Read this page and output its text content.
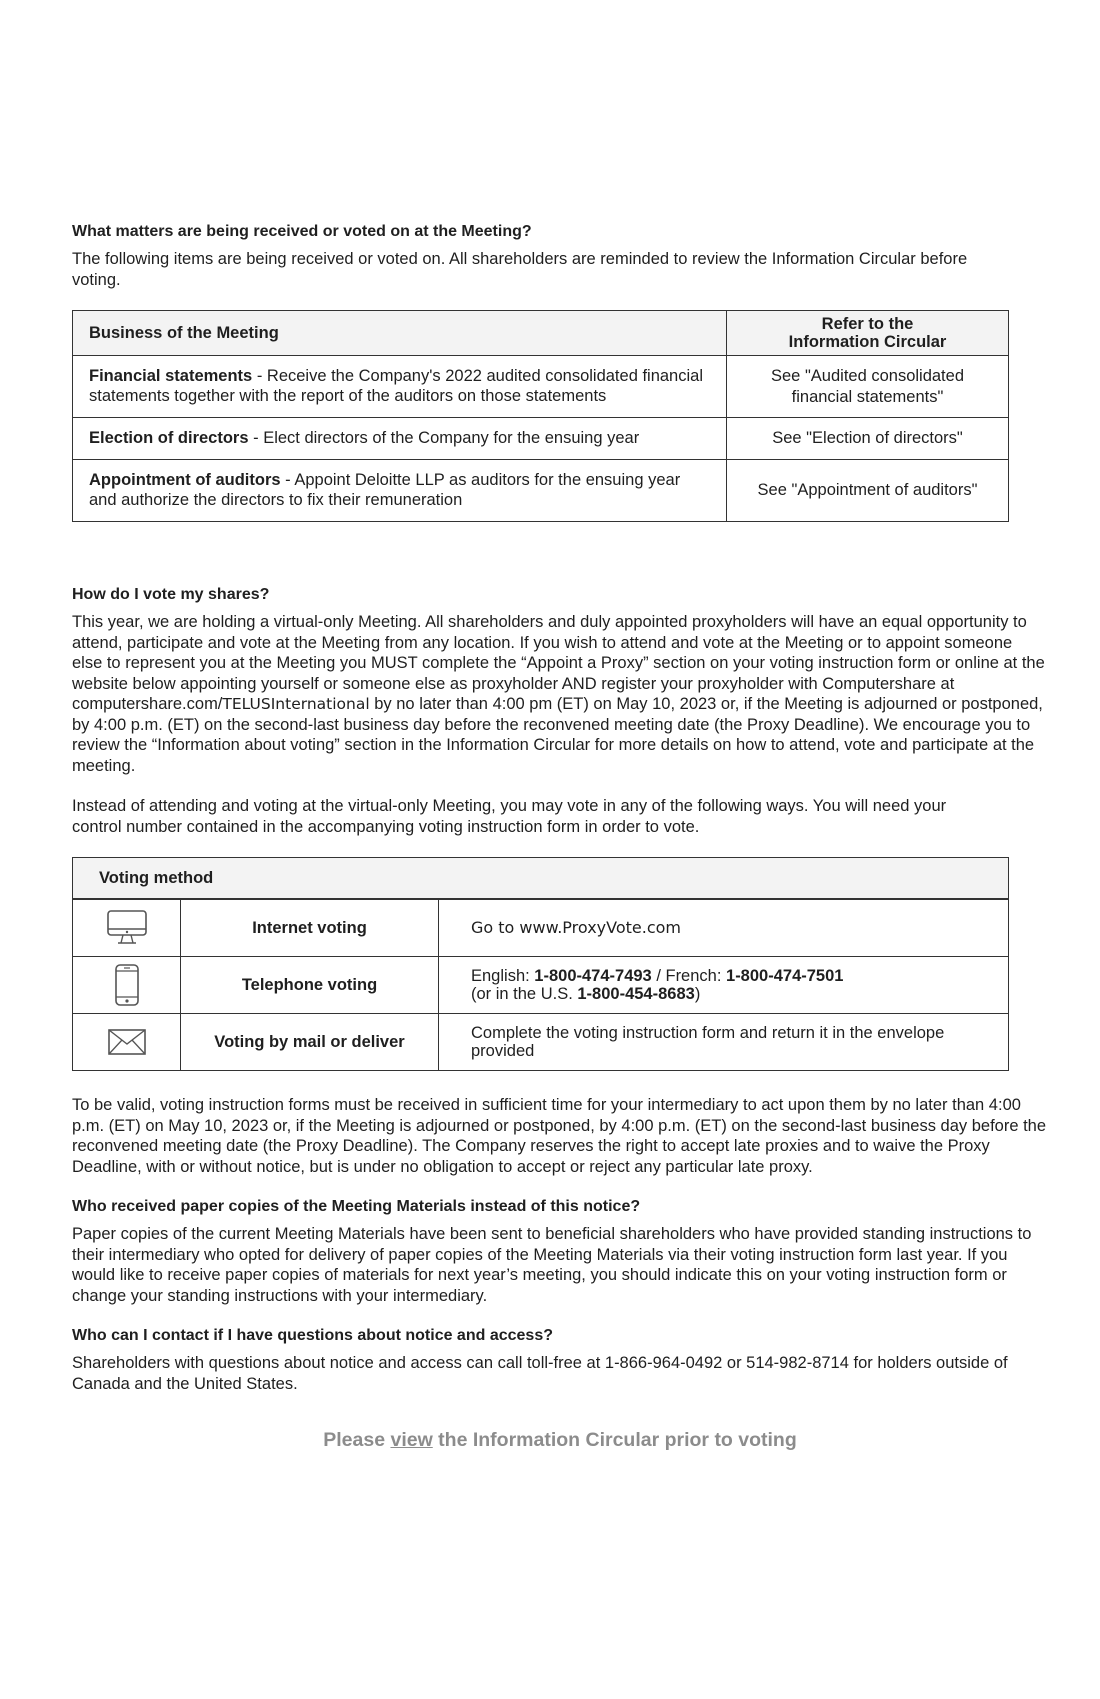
What matters are being received or voted on at the Meeting?

The following items are being received or voted on. All shareholders are reminded to review the Information Circular before voting.

Business of the Meeting	Refer to the
Information Circular
Financial statements - Receive the Company's 2022 audited consolidated financial statements together with the report of the auditors on those statements	See "Audited consolidated financial statements"
Election of directors - Elect directors of the Company for the ensuing year	See "Election of directors"
Appointment of auditors - Appoint Deloitte LLP as auditors for the ensuing year and authorize the directors to fix their remuneration	See "Appointment of auditors"
How do I vote my shares?

This year, we are holding a virtual-only Meeting. All shareholders and duly appointed proxyholders will have an equal opportunity to attend, participate and vote at the Meeting from any location. If you wish to attend and vote at the Meeting or to appoint someone else to represent you at the Meeting you MUST complete the “Appoint a Proxy” section on your voting instruction form or online at the website below appointing yourself or someone else as proxyholder AND register your proxyholder with Computershare at computershare.com/TELUSInternational by no later than 4:00 pm (ET) on May 10, 2023 or, if the Meeting is adjourned or postponed, by 4:00 p.m. (ET) on the second-last business day before the reconvened meeting date (the Proxy Deadline). We encourage you to review the “Information about voting” section in the Information Circular for more details on how to attend, vote and participate at the meeting.

Instead of attending and voting at the virtual-only Meeting, you may vote in any of the following ways. You will need your control number contained in the accompanying voting instruction form in order to vote.

Voting method		

	Internet voting	Go to www.ProxyVote.com

	Telephone voting	English: 1-800-474-7493 / French: 1-800-474-7501
(or in the U.S. 1-800-454-8683)

	Voting by mail or deliver	Complete the voting instruction form and return it in the envelope provided

To be valid, voting instruction forms must be received in sufficient time for your intermediary to act upon them by no later than 4:00 p.m. (ET) on May 10, 2023 or, if the Meeting is adjourned or postponed, by 4:00 p.m. (ET) on the second-last business day before the reconvened meeting date (the Proxy Deadline). The Company reserves the right to accept late proxies and to waive the Proxy Deadline, with or without notice, but is under no obligation to accept or reject any particular late proxy.

Who received paper copies of the Meeting Materials instead of this notice?

Paper copies of the current Meeting Materials have been sent to beneficial shareholders who have provided standing instructions to their intermediary who opted for delivery of paper copies of the Meeting Materials via their voting instruction form last year. If you would like to receive paper copies of materials for next year’s meeting, you should indicate this on your voting instruction form or change your standing instructions with your intermediary.

Who can I contact if I have questions about notice and access?

Shareholders with questions about notice and access can call toll-free at 1-866-964-0492 or 514-982-8714 for holders outside of Canada and the United States.

Please view the Information Circular prior to voting
